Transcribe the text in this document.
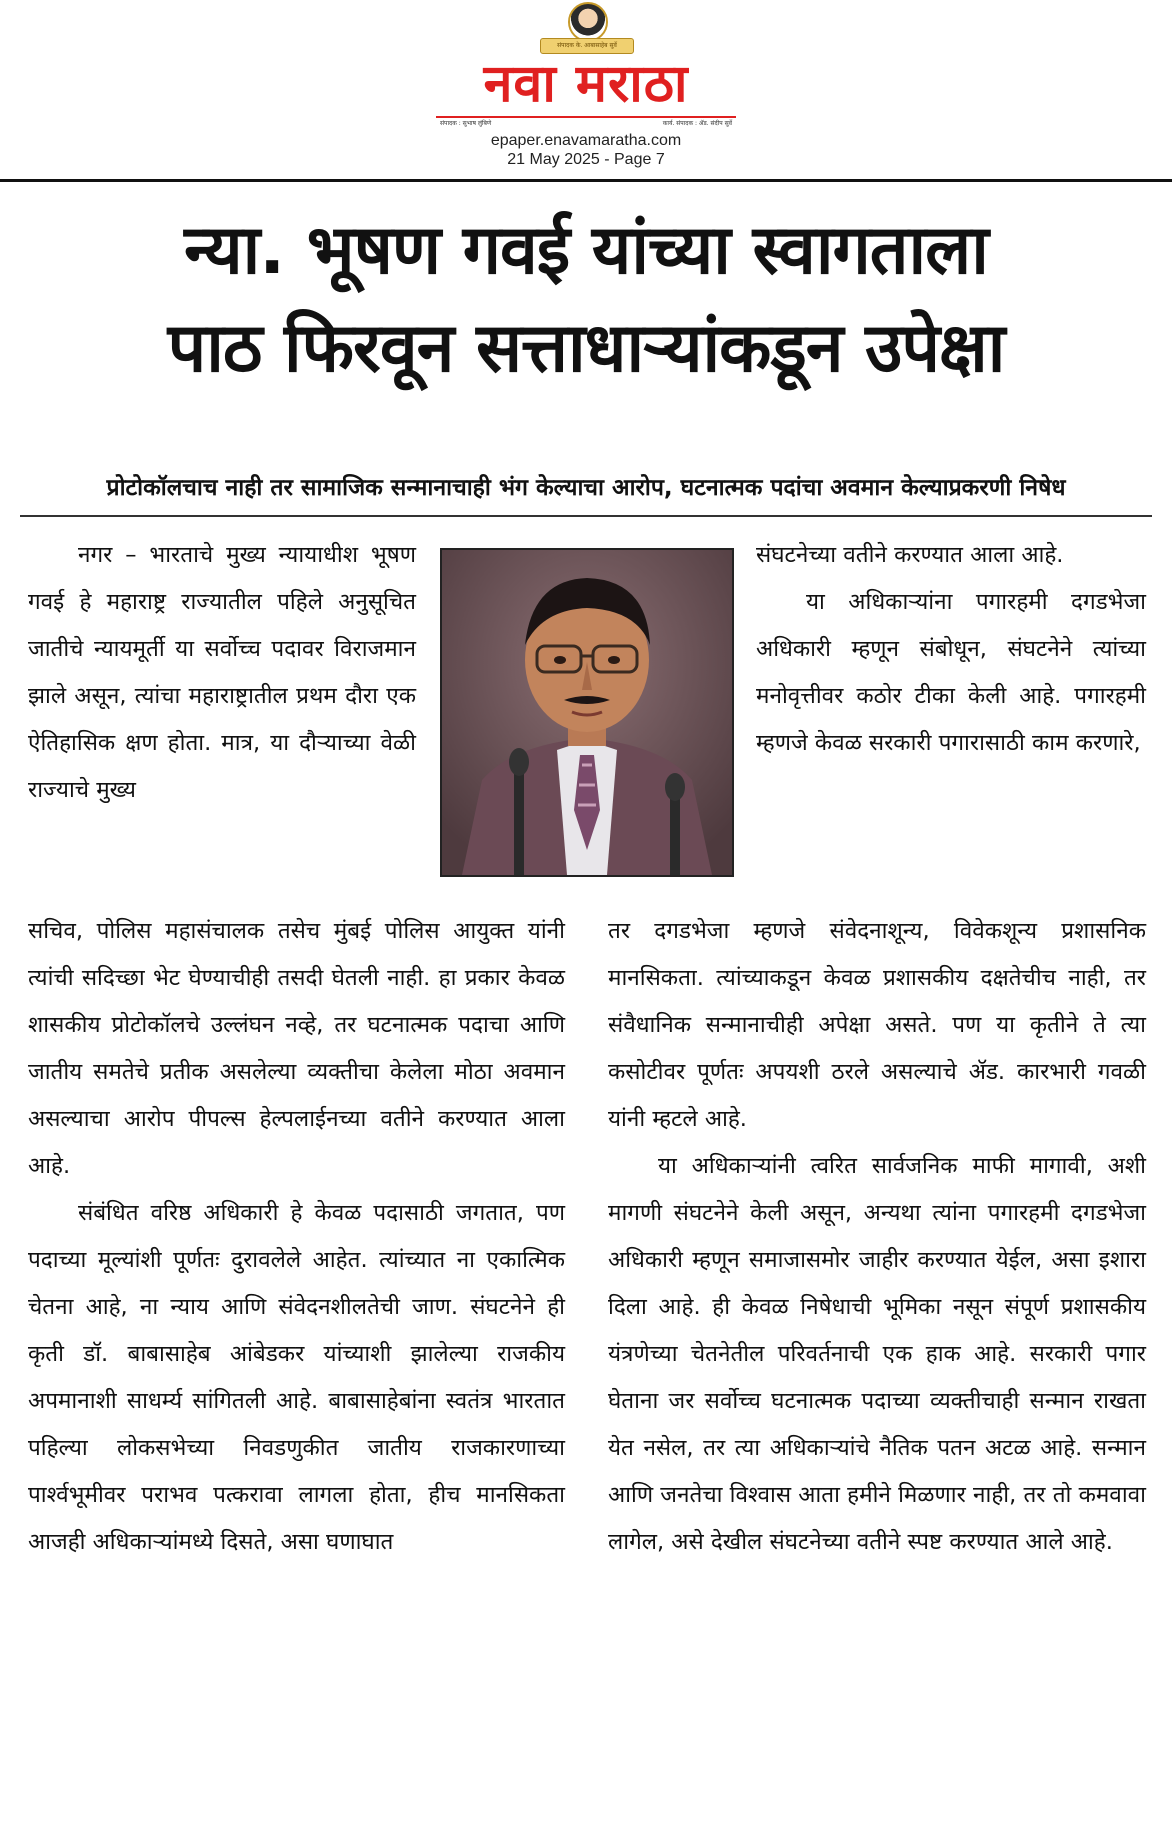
संपादक के. आबासाहेब सुर्वे
नवा मराठा
संपादक : सुभाष लुंबिणे	कार्य. संपादक : ॲड. संदीप सुर्वे
epaper.enavamaratha.com
21 May 2025 - Page 7
न्या. भूषण गवई यांच्या स्वागताला
पाठ फिरवून सत्ताधाऱ्यांकडून उपेक्षा
प्रोटोकॉलचाच नाही तर सामाजिक सन्मानाचाही भंग केल्याचा आरोप, घटनात्मक पदांचा अवमान केल्याप्रकरणी निषेध

नगर – भारताचे मुख्य न्यायाधीश भूषण गवई हे महाराष्ट्र राज्यातील पहिले अनुसूचित जातीचे न्यायमूर्ती या सर्वोच्च पदावर विराजमान झाले असून, त्यांचा महाराष्ट्रातील प्रथम दौरा एक ऐतिहासिक क्षण होता. मात्र, या दौऱ्याच्या वेळी राज्याचे मुख्य

संघटनेच्या वतीने करण्यात आला आहे.

या अधिकाऱ्यांना पगारहमी दगडभेजा अधिकारी म्हणून संबोधून, संघटनेने त्यांच्या मनोवृत्तीवर कठोर टीका केली आहे. पगारहमी म्हणजे केवळ सरकारी पगारासाठी काम करणारे,

सचिव, पोलिस महासंचालक तसेच मुंबई पोलिस आयुक्त यांनी त्यांची सदिच्छा भेट घेण्याचीही तसदी घेतली नाही. हा प्रकार केवळ शासकीय प्रोटोकॉलचे उल्लंघन नव्हे, तर घटनात्मक पदाचा आणि जातीय समतेचे प्रतीक असलेल्या व्यक्तीचा केलेला मोठा अवमान असल्याचा आरोप पीपल्स हेल्पलाईनच्या वतीने करण्यात आला आहे.

संबंधित वरिष्ठ अधिकारी हे केवळ पदासाठी जगतात, पण पदाच्या मूल्यांशी पूर्णतः दुरावलेले आहेत. त्यांच्यात ना एकात्मिक चेतना आहे, ना न्याय आणि संवेदनशीलतेची जाण. संघटनेने ही कृती डॉ. बाबासाहेब आंबेडकर यांच्याशी झालेल्या राजकीय अपमानाशी साधर्म्य सांगितली आहे. बाबासाहेबांना स्वतंत्र भारतात पहिल्या लोकसभेच्या निवडणुकीत जातीय राजकारणाच्या पार्श्वभूमीवर पराभव पत्करावा लागला होता, हीच मानसिकता आजही अधिकाऱ्यांमध्ये दिसते, असा घणाघात

तर दगडभेजा म्हणजे संवेदनाशून्य, विवेकशून्य प्रशासनिक मानसिकता. त्यांच्याकडून केवळ प्रशासकीय दक्षतेचीच नाही, तर संवैधानिक सन्मानाचीही अपेक्षा असते. पण या कृतीने ते त्या कसोटीवर पूर्णतः अपयशी ठरले असल्याचे ॲड. कारभारी गवळी यांनी म्हटले आहे.

या अधिकाऱ्यांनी त्वरित सार्वजनिक माफी मागावी, अशी मागणी संघटनेने केली असून, अन्यथा त्यांना पगारहमी दगडभेजा अधिकारी म्हणून समाजासमोर जाहीर करण्यात येईल, असा इशारा दिला आहे. ही केवळ निषेधाची भूमिका नसून संपूर्ण प्रशासकीय यंत्रणेच्या चेतनेतील परिवर्तनाची एक हाक आहे. सरकारी पगार घेताना जर सर्वोच्च घटनात्मक पदाच्या व्यक्तीचाही सन्मान राखता येत नसेल, तर त्या अधिकाऱ्यांचे नैतिक पतन अटळ आहे. सन्मान आणि जनतेचा विश्वास आता हमीने मिळणार नाही, तर तो कमवावा लागेल, असे देखील संघटनेच्या वतीने स्पष्ट करण्यात आले आहे.
